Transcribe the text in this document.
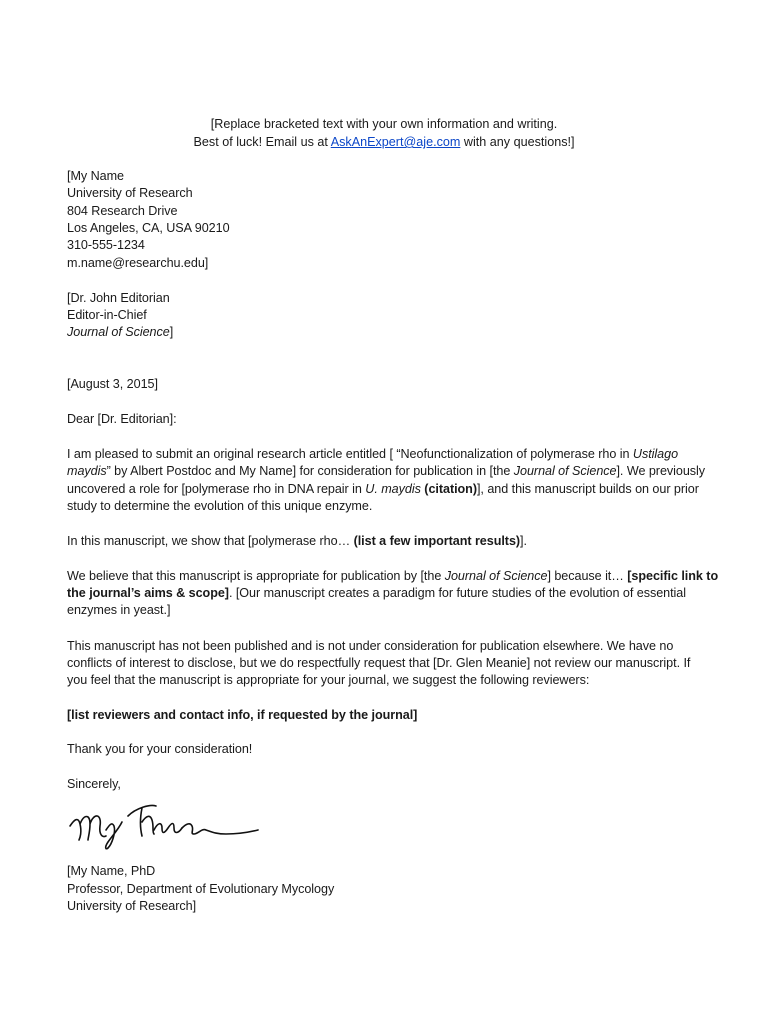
[Replace bracketed text with your own information and writing.
Best of luck! Email us at AskAnExpert@aje.com with any questions!]
[My Name
University of Research
804 Research Drive
Los Angeles, CA, USA 90210
310-555-1234
m.name@researchu.edu]
[Dr. John Editorian
Editor-in-Chief
Journal of Science]
[August 3, 2015]
Dear [Dr. Editorian]:
I am pleased to submit an original research article entitled [ “Neofunctionalization of polymerase rho in Ustilago
maydis” by Albert Postdoc and My Name] for consideration for publication in [the Journal of Science]. We previously
uncovered a role for [polymerase rho in DNA repair in U. maydis (citation)], and this manuscript builds on our prior
study to determine the evolution of this unique enzyme.
In this manuscript, we show that [polymerase rho… (list a few important results)].
We believe that this manuscript is appropriate for publication by [the Journal of Science] because it… [specific link to
the journal’s aims & scope]. [Our manuscript creates a paradigm for future studies of the evolution of essential
enzymes in yeast.]
This manuscript has not been published and is not under consideration for publication elsewhere. We have no
conflicts of interest to disclose, but we do respectfully request that [Dr. Glen Meanie] not review our manuscript. If
you feel that the manuscript is appropriate for your journal, we suggest the following reviewers:
[list reviewers and contact info, if requested by the journal]
Thank you for your consideration!
Sincerely,
[My Name, PhD
Professor, Department of Evolutionary Mycology
University of Research]
